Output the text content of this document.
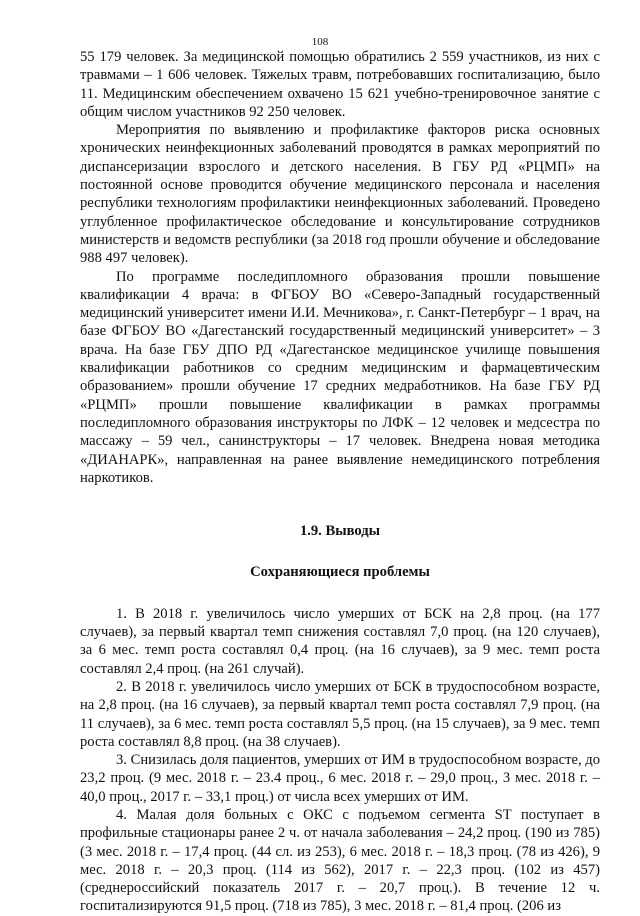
108

55 179 человек. За медицинской помощью обратились 2 559 участников, из них с травмами – 1 606 человек. Тяжелых травм, потребовавших госпитализацию, было 11. Медицинским обеспечением охвачено 15 621 учебно-тренировочное занятие с общим числом участников 92 250 человек.

Мероприятия по выявлению и профилактике факторов риска основных хронических неинфекционных заболеваний проводятся в рамках мероприятий по диспансеризации взрослого и детского населения. В ГБУ РД «РЦМП» на постоянной основе проводится обучение медицинского персонала и населения республики технологиям профилактики неинфекционных заболеваний. Проведено углубленное профилактическое обследование и консультирование сотрудников министерств и ведомств республики (за 2018 год прошли обучение и обследование 988 497 человек).

По программе последипломного образования прошли повышение квалификации 4 врача: в ФГБОУ ВО «Северо-Западный государственный медицинский университет имени И.И. Мечникова», г. Санкт-Петербург – 1 врач, на базе ФГБОУ ВО «Дагестанский государственный медицинский университет» – 3 врача. На базе ГБУ ДПО РД «Дагестанское медицинское училище повышения квалификации работников со средним медицинским и фармацевтическим образованием» прошли обучение 17 средних медработников. На базе ГБУ РД «РЦМП» прошли повышение квалификации в рамках программы последипломного образования инструкторы по ЛФК – 12 человек и медсестра по массажу – 59 чел., санинструкторы – 17 человек. Внедрена новая методика «ДИАНАРК», направленная на ранее выявление немедицинского потребления наркотиков.

1.9. Выводы
Сохраняющиеся проблемы

1. В 2018 г. увеличилось число умерших от БСК на 2,8 проц. (на 177 случаев), за первый квартал темп снижения составлял 7,0 проц. (на 120 случаев), за 6 мес. темп роста составлял 0,4 проц. (на 16 случаев), за 9 мес. темп роста составлял 2,4 проц. (на 261 случай).

2. В 2018 г. увеличилось число умерших от БСК в трудоспособном возрасте, на 2,8 проц. (на 16 случаев), за первый квартал темп роста составлял 7,9 проц. (на 11 случаев), за 6 мес. темп роста составлял 5,5 проц. (на 15 случаев), за 9 мес. темп роста составлял 8,8 проц. (на 38 случаев).

3. Снизилась доля пациентов, умерших от ИМ в трудоспособном возрасте, до 23,2 проц. (9 мес. 2018 г. – 23.4 проц., 6 мес. 2018 г. – 29,0 проц., 3 мес. 2018 г. – 40,0 проц., 2017 г. – 33,1 проц.) от числа всех умерших от ИМ.

4. Малая доля больных с ОКС с подъемом сегмента ST поступает в профильные стационары ранее 2 ч. от начала заболевания – 24,2 проц. (190 из 785) (3 мес. 2018 г. – 17,4 проц. (44 сл. из 253), 6 мес. 2018 г. – 18,3 проц. (78 из 426), 9 мес. 2018 г. – 20,3 проц. (114 из 562), 2017 г. – 22,3 проц. (102 из 457) (среднероссийский показатель 2017 г. – 20,7 проц.). В течение 12 ч. госпитализируются 91,5 проц. (718 из 785), 3 мес. 2018 г. – 81,4 проц. (206 из
